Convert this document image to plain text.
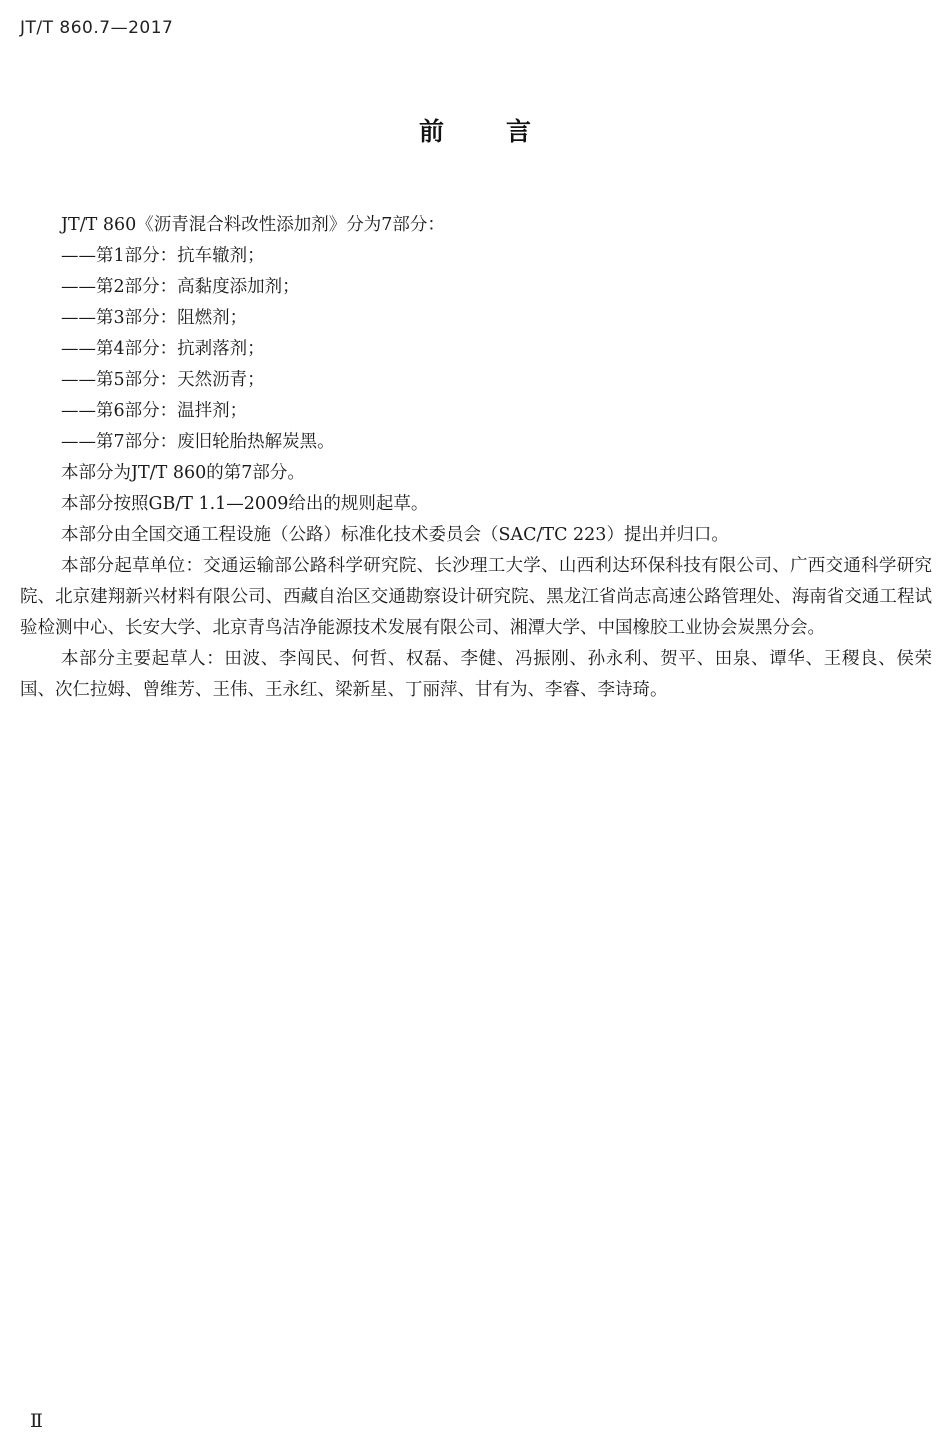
JT/T 860.7—2017
前言

JT/T 860《沥青混合料改性添加剂》分为7部分：

——第1部分：抗车辙剂；

——第2部分：高黏度添加剂；

——第3部分：阻燃剂；

——第4部分：抗剥落剂；

——第5部分：天然沥青；

——第6部分：温拌剂；

——第7部分：废旧轮胎热解炭黑。

本部分为JT/T 860的第7部分。

本部分按照GB/T 1.1—2009给出的规则起草。

本部分由全国交通工程设施（公路）标准化技术委员会（SAC/TC 223）提出并归口。

本部分起草单位：交通运输部公路科学研究院、长沙理工大学、山西利达环保科技有限公司、广西交通科学研究院、北京建翔新兴材料有限公司、西藏自治区交通勘察设计研究院、黑龙江省尚志高速公路管理处、海南省交通工程试验检测中心、长安大学、北京青鸟洁净能源技术发展有限公司、湘潭大学、中国橡胶工业协会炭黑分会。

本部分主要起草人：田波、李闯民、何哲、权磊、李健、冯振刚、孙永利、贺平、田泉、谭华、王稷良、侯荣国、次仁拉姆、曾维芳、王伟、王永红、梁新星、丁丽萍、甘有为、李睿、李诗琦。

Ⅱ
